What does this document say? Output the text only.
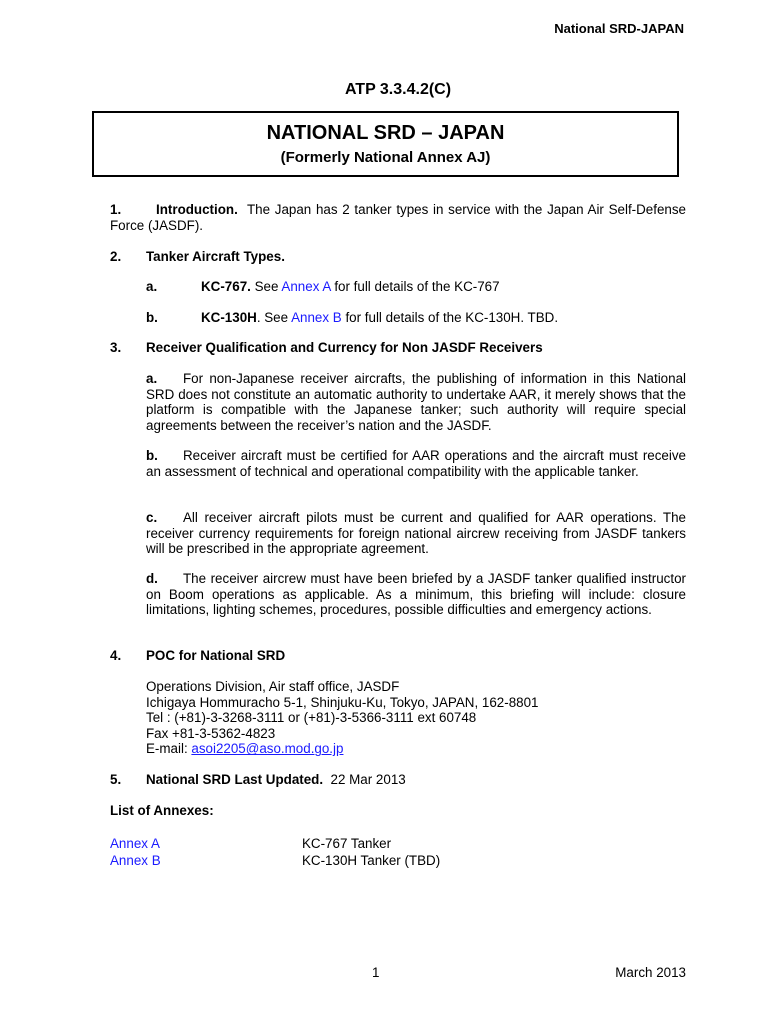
National SRD-JAPAN
ATP 3.3.4.2(C)
NATIONAL SRD – JAPAN
(Formerly National Annex AJ)
1.	Introduction. The Japan has 2 tanker types in service with the Japan Air Self-Defense Force (JASDF).
2. Tanker Aircraft Types.
a.	KC-767. See Annex A for full details of the KC-767
b.	KC-130H. See Annex B for full details of the KC-130H. TBD.
3. Receiver Qualification and Currency for Non JASDF Receivers
a. For non-Japanese receiver aircrafts, the publishing of information in this National SRD does not constitute an automatic authority to undertake AAR, it merely shows that the platform is compatible with the Japanese tanker; such authority will require special agreements between the receiver’s nation and the JASDF.
b. Receiver aircraft must be certified for AAR operations and the aircraft must receive an assessment of technical and operational compatibility with the applicable tanker.
c. All receiver aircraft pilots must be current and qualified for AAR operations. The receiver currency requirements for foreign national aircrew receiving from JASDF tankers will be prescribed in the appropriate agreement.
d. The receiver aircrew must have been briefed by a JASDF tanker qualified instructor on Boom operations as applicable. As a minimum, this briefing will include: closure limitations, lighting schemes, procedures, possible difficulties and emergency actions.
4. POC for National SRD
Operations Division, Air staff office, JASDF
Ichigaya Hommuracho 5-1, Shinjuku-Ku, Tokyo, JAPAN, 162-8801
Tel : (+81)-3-3268-3111 or (+81)-3-5366-3111 ext 60748
Fax +81-3-5362-4823
E-mail: asoi2205@aso.mod.go.jp
5. National SRD Last Updated. 22 Mar 2013
List of Annexes:
Annex A	KC-767 Tanker
Annex B	KC-130H Tanker (TBD)
1	March 2013
